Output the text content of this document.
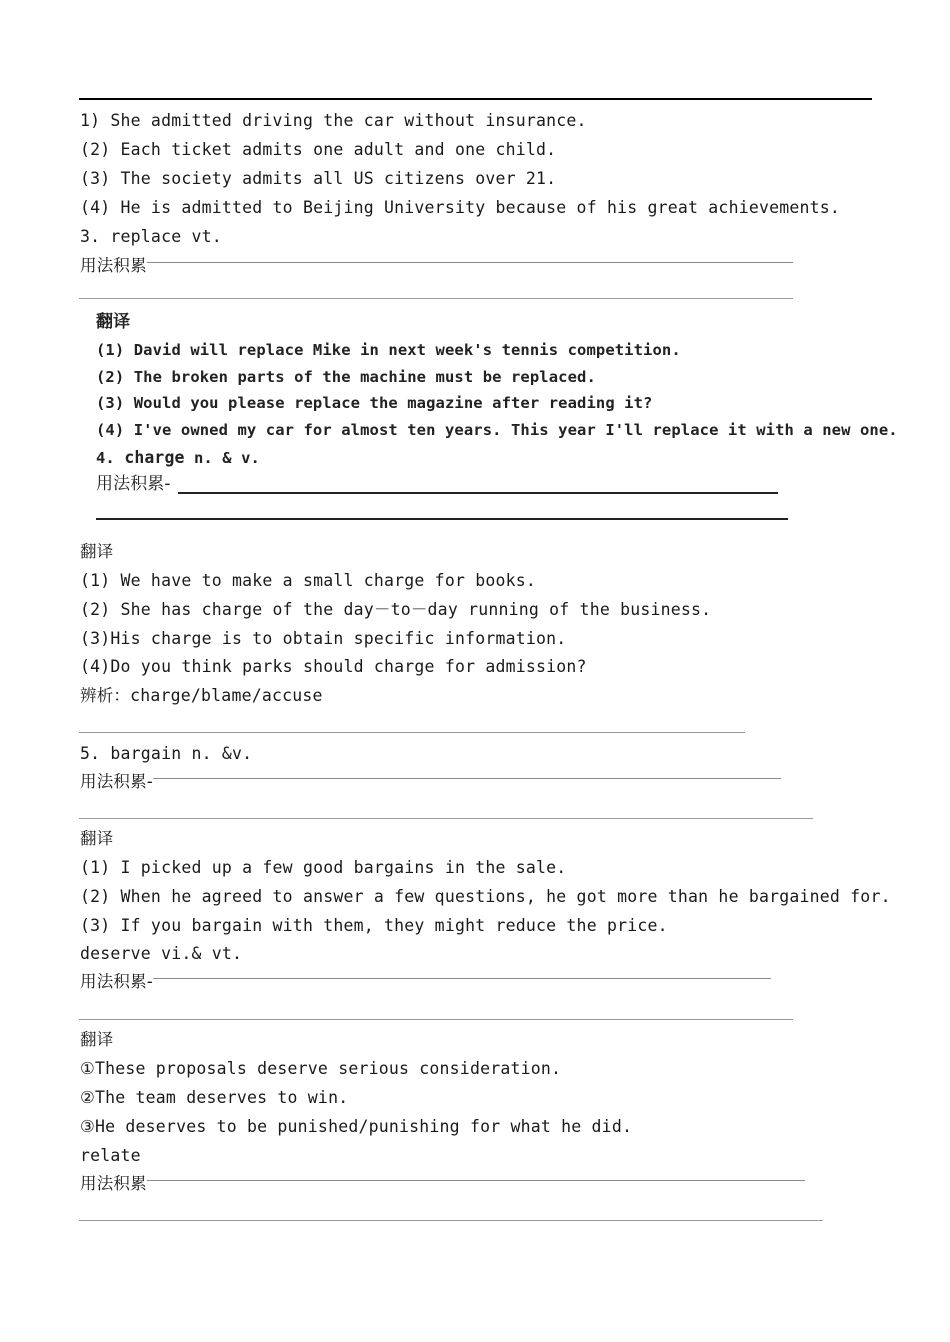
1) She admitted driving the car without insurance.
(2) Each ticket admits one adult and one child.
(3) The society admits all US citizens over 21.
(4) He is admitted to Beijing University because of his great achievements.
3. replace vt.
用法积累
翻译
(1) David will replace Mike in next week's tennis competition.
(2) The broken parts of the machine must be replaced.
(3) Would you please replace the magazine after reading it?
(4) I've owned my car for almost ten years. This year I'll replace it with a new one.
4. charge n. & v.
用法积累-
翻译
(1) We have to make a small charge for books.
(2) She has charge of the day－to－day running of the business.
(3)His charge is to obtain specific information.
(4)Do you think parks should charge for admission?
辨析：charge/blame/accuse
5. bargain n. &v.
用法积累-
翻译
(1) I picked up a few good bargains in the sale.
(2) When he agreed to answer a few questions, he got more than he bargained for.
(3) If you bargain with them, they might reduce the price.
deserve vi.& vt.
用法积累-
翻译
①These proposals deserve serious consideration.
②The team deserves to win.
③He deserves to be punished/punishing for what he did.
relate
用法积累
